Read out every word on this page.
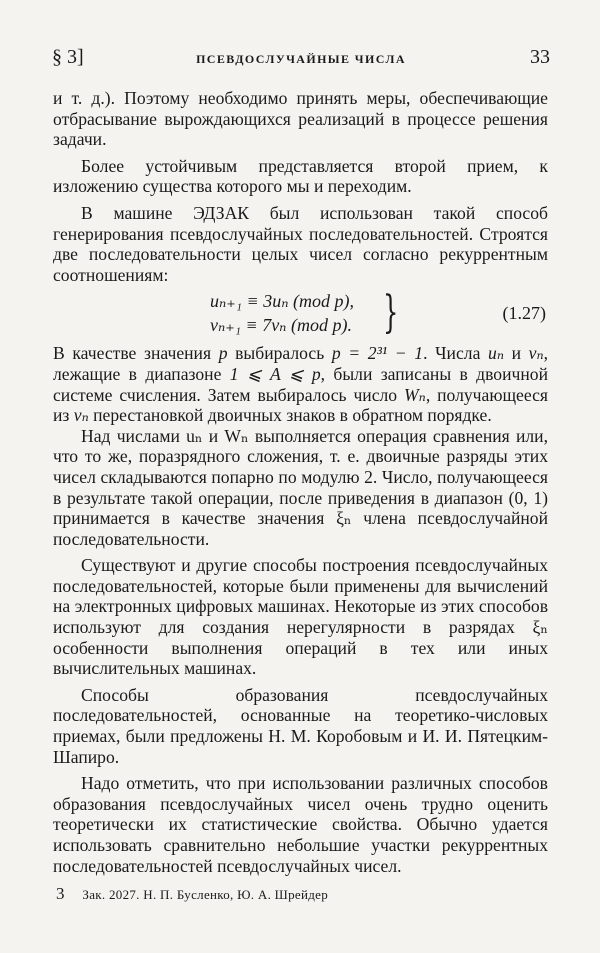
§ 3]	ПСЕВДОСЛУЧАЙНЫЕ ЧИСЛА	33

и т. д.). Поэтому необходимо принять меры, обеспечивающие отбрасывание вырождающихся реализаций в процессе решения задачи.

Более устойчивым представляется второй прием, к изложению существа которого мы и переходим.

В машине ЭДЗАК был использован такой способ генерирования псевдослучайных последовательностей. Строятся две последовательности целых чисел согласно рекуррентным соотношениям:

uₙ₊₁ ≡ 3uₙ (mod p),
vₙ₊₁ ≡ 7vₙ (mod p). }	(1.27)

В качестве значения p выбиралось p = 2³¹ − 1. Числа uₙ и vₙ, лежащие в диапазоне 1 ⩽ A ⩽ p, были записаны в двоичной системе счисления. Затем выбиралось число Wₙ, получающееся из vₙ перестановкой двоичных знаков в обратном порядке.

Над числами uₙ и Wₙ выполняется операция сравнения или, что то же, поразрядного сложения, т. е. двоичные разряды этих чисел складываются попарно по модулю 2. Число, получающееся в результате такой операции, после приведения в диапазон (0, 1) принимается в качестве значения ξₙ члена псевдослучайной последовательности.

Существуют и другие способы построения псевдослучайных последовательностей, которые были применены для вычислений на электронных цифровых машинах. Некоторые из этих способов используют для создания нерегулярности в разрядах ξₙ особенности выполнения операций в тех или иных вычислительных машинах.

Способы образования псевдослучайных последовательностей, основанные на теоретико-числовых приемах, были предложены Н. М. Коробовым и И. И. Пятецким-Шапиро.

Надо отметить, что при использовании различных способов образования псевдослучайных чисел очень трудно оценить теоретически их статистические свойства. Обычно удается использовать сравнительно небольшие участки рекуррентных последовательностей псевдослучайных чисел.

3 Зак. 2027. Н. П. Бусленко, Ю. А. Шрейдер
